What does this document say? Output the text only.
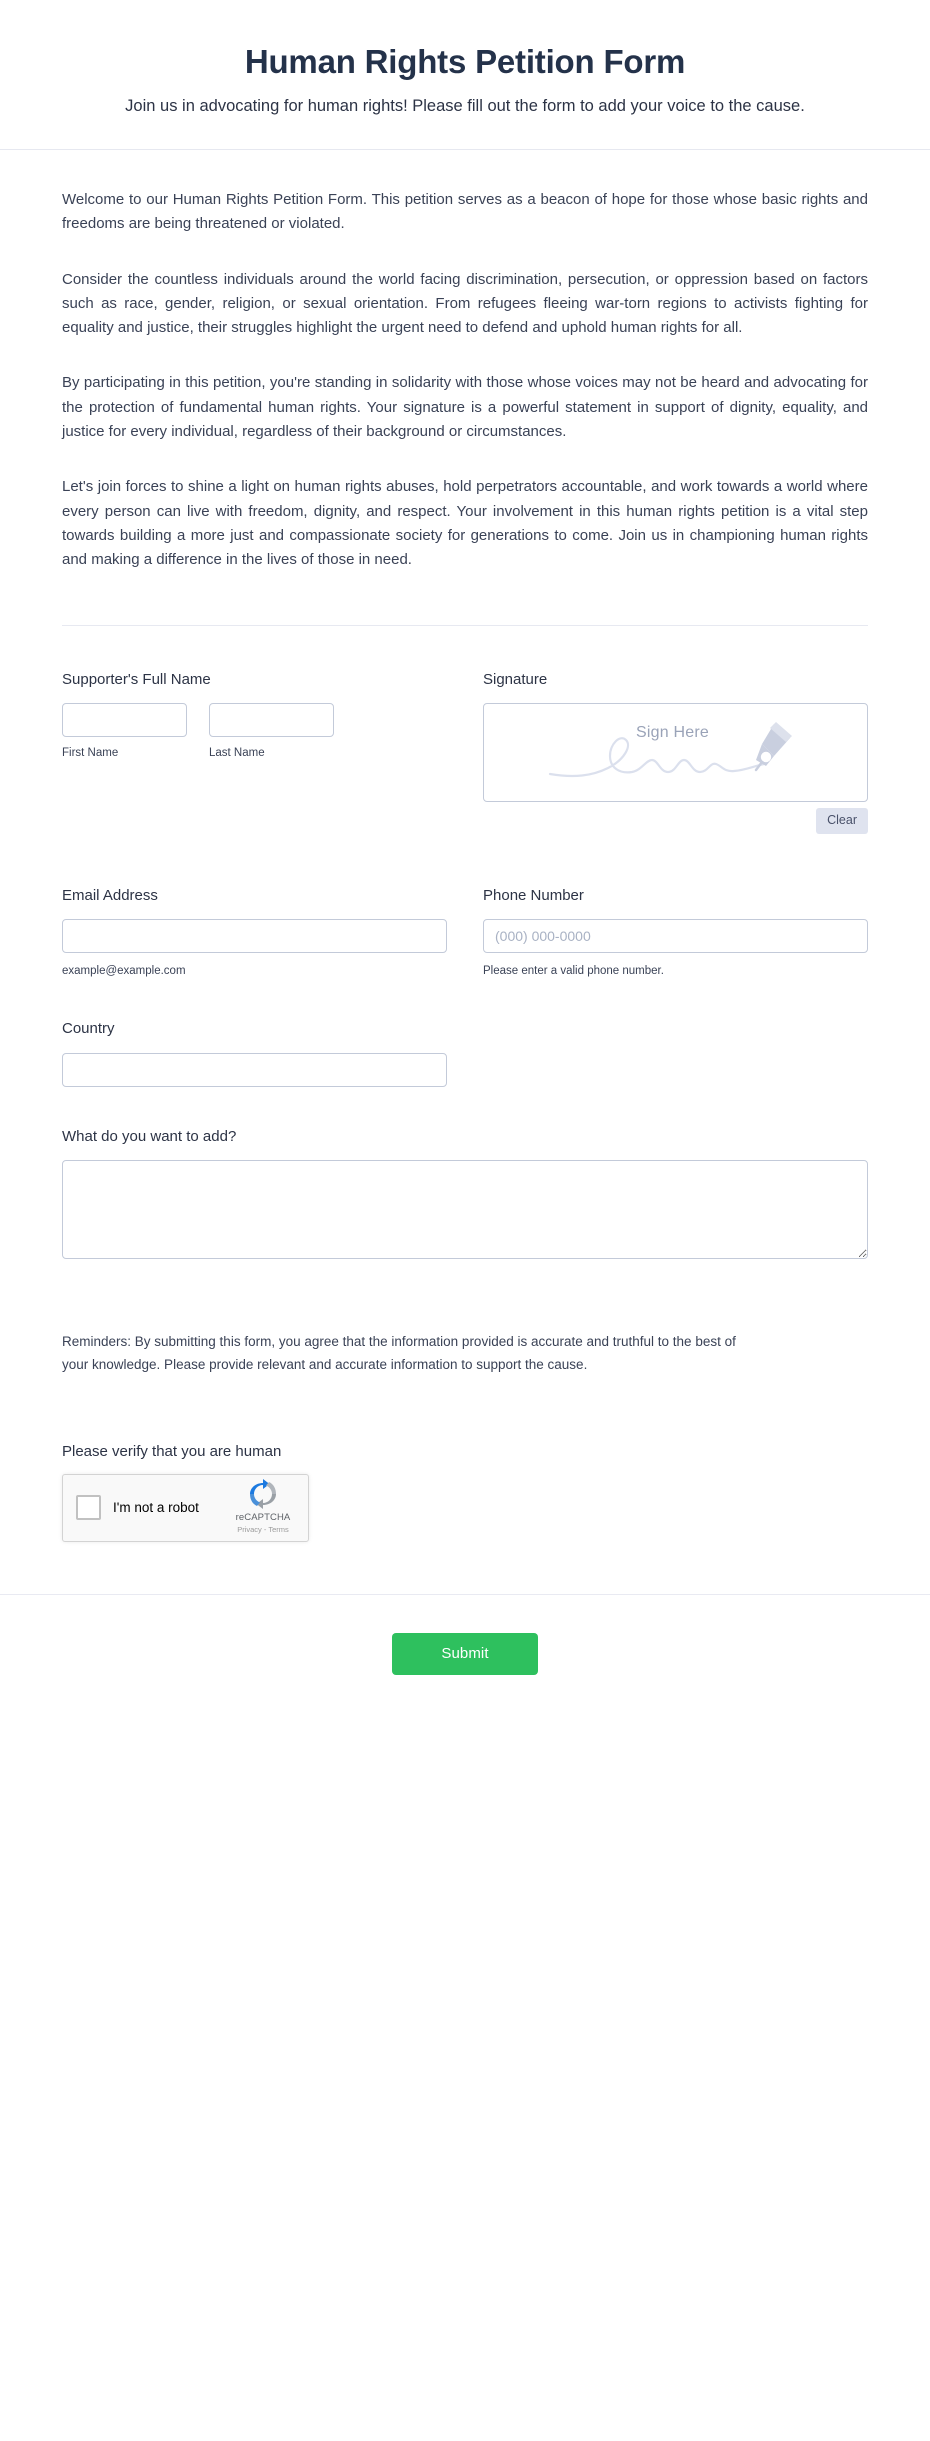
Human Rights Petition Form

Join us in advocating for human rights! Please fill out the form to add your voice to the cause.

Welcome to our Human Rights Petition Form. This petition serves as a beacon of hope for those whose basic rights and freedoms are being threatened or violated.

Consider the countless individuals around the world facing discrimination, persecution, or oppression based on factors such as race, gender, religion, or sexual orientation. From refugees fleeing war-torn regions to activists fighting for equality and justice, their struggles highlight the urgent need to defend and uphold human rights for all.

By participating in this petition, you're standing in solidarity with those whose voices may not be heard and advocating for the protection of fundamental human rights. Your signature is a powerful statement in support of dignity, equality, and justice for every individual, regardless of their background or circumstances.

Let's join forces to shine a light on human rights abuses, hold perpetrators accountable, and work towards a world where every person can live with freedom, dignity, and respect. Your involvement in this human rights petition is a vital step towards building a more just and compassionate society for generations to come. Join us in championing human rights and making a difference in the lives of those in need.

Supporter's Full Name
First Name	Last Name
Signature
Sign Here
Clear
Email Address
example@example.com
Phone Number
(000) 000-0000
Please enter a valid phone number.
Country
What do you want to add?

Reminders: By submitting this form, you agree that the information provided is accurate and truthful to the best of your knowledge. Please provide relevant and accurate information to support the cause.

Please verify that you are human
I'm not a robot
reCAPTCHA
Privacy - Terms
Submit
